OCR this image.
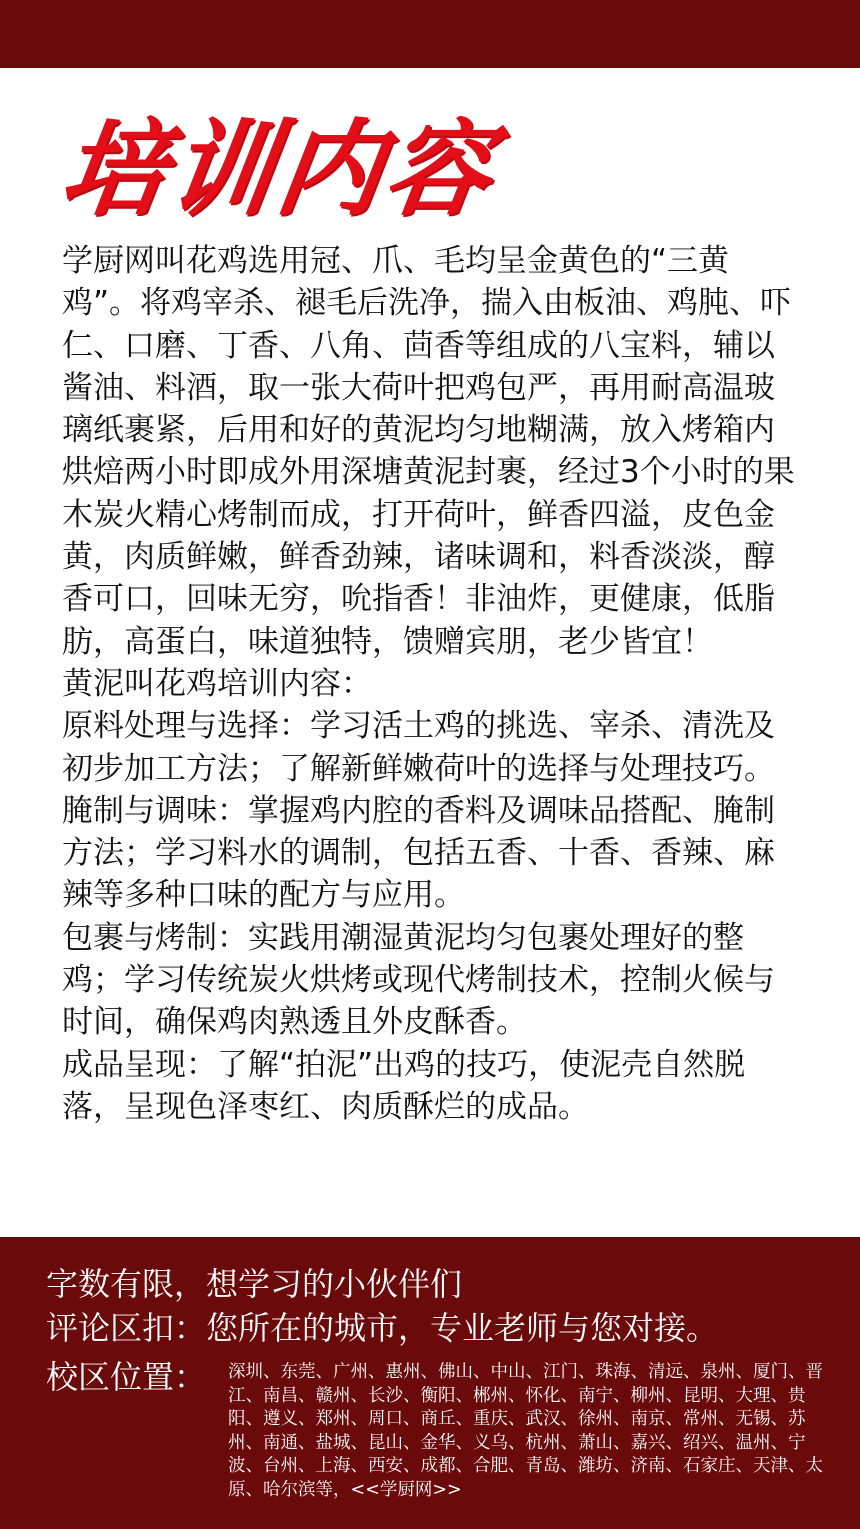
培训内容

学厨网叫花鸡选用冠、爪、毛均呈金黄色的“三黄鸡”。将鸡宰杀、褪毛后洗净，揣入由板油、鸡肫、吓仁、口磨、丁香、八角、茴香等组成的八宝料，辅以酱油、料酒，取一张大荷叶把鸡包严，再用耐高温玻璃纸裹紧，后用和好的黄泥均匀地糊满，放入烤箱内烘焙两小时即成外用深塘黄泥封裹，经过3个小时的果木炭火精心烤制而成，打开荷叶，鲜香四溢，皮色金黄，肉质鲜嫩，鲜香劲辣，诸味调和，料香淡淡，醇香可口，回味无穷，吮指香！非油炸，更健康，低脂肪，高蛋白，味道独特，馈赠宾朋，老少皆宜！

黄泥叫花鸡培训内容：

原料处理与选择：学习活土鸡的挑选、宰杀、清洗及初步加工方法；了解新鲜嫩荷叶的选择与处理技巧。

腌制与调味：掌握鸡内腔的香料及调味品搭配、腌制方法；学习料水的调制，包括五香、十香、香辣、麻辣等多种口味的配方与应用。

包裹与烤制：实践用潮湿黄泥均匀包裹处理好的整鸡；学习传统炭火烘烤或现代烤制技术，控制火候与时间，确保鸡肉熟透且外皮酥香。

成品呈现：了解“拍泥”出鸡的技巧，使泥壳自然脱落，呈现色泽枣红、肉质酥烂的成品。

字数有限，想学习的小伙伴们
评论区扣：您所在的城市，专业老师与您对接。
校区位置： 深圳、东莞、广州、惠州、佛山、中山、江门、珠海、清远、泉州、厦门、晋江、南昌、赣州、长沙、衡阳、郴州、怀化、南宁、柳州、昆明、大理、贵阳、遵义、郑州、周口、商丘、重庆、武汉、徐州、南京、常州、无锡、苏州、南通、盐城、昆山、金华、义乌、杭州、萧山、嘉兴、绍兴、温州、宁波、台州、上海、西安、成都、合肥、青岛、潍坊、济南、石家庄、天津、太原、哈尔滨等，<<学厨网>>
